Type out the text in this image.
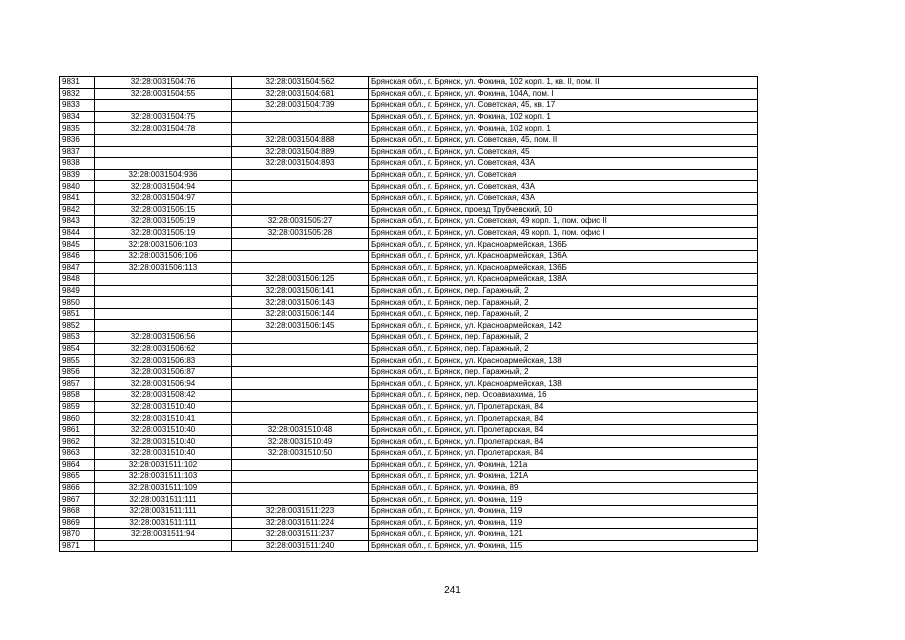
9831	32:28:0031504:76	32:28:0031504:562	Брянская обл., г. Брянск, ул. Фокина, 102 корп. 1, кв. II, пом. II
9832	32:28:0031504:55	32:28:0031504:681	Брянская обл., г. Брянск, ул. Фокина, 104А, пом. I
9833		32:28:0031504:739	Брянская обл., г. Брянск, ул. Советская, 45, кв. 17
9834	32:28:0031504:75		Брянская обл., г. Брянск, ул. Фокина, 102 корп. 1
9835	32:28:0031504:78		Брянская обл., г. Брянск, ул. Фокина, 102 корп. 1
9836		32:28:0031504:888	Брянская обл., г. Брянск, ул. Советская, 45, пом. II
9837		32:28:0031504:889	Брянская обл., г. Брянск, ул. Советская, 45
9838		32:28:0031504:893	Брянская обл., г. Брянск, ул. Советская, 43А
9839	32:28:0031504:936		Брянская обл., г. Брянск, ул. Советская
9840	32:28:0031504:94		Брянская обл., г. Брянск, ул. Советская, 43А
9841	32:28:0031504:97		Брянская обл., г. Брянск, ул. Советская, 43А
9842	32:28:0031505:15		Брянская обл., г. Брянск, проезд Трубчевский, 10
9843	32:28:0031505:19	32:28:0031505:27	Брянская обл., г. Брянск, ул. Советская, 49 корп. 1, пом. офис II
9844	32:28:0031505:19	32:28:0031505:28	Брянская обл., г. Брянск, ул. Советская, 49 корп. 1, пом. офис I
9845	32:28:0031506:103		Брянская обл., г. Брянск, ул. Красноармейская, 136Б
9846	32:28:0031506:106		Брянская обл., г. Брянск, ул. Красноармейская, 136А
9847	32:28:0031506:113		Брянская обл., г. Брянск, ул. Красноармейская, 136Б
9848		32:28:0031506:125	Брянская обл., г. Брянск, ул. Красноармейская, 138А
9849		32:28:0031506:141	Брянская обл., г. Брянск, пер. Гаражный, 2
9850		32:28:0031506:143	Брянская обл., г. Брянск, пер. Гаражный, 2
9851		32:28:0031506:144	Брянская обл., г. Брянск, пер. Гаражный, 2
9852		32:28:0031506:145	Брянская обл., г. Брянск, ул. Красноармейская, 142
9853	32:28:0031506:56		Брянская обл., г. Брянск, пер. Гаражный, 2
9854	32:28:0031506:62		Брянская обл., г. Брянск, пер. Гаражный, 2
9855	32:28:0031506:83		Брянская обл., г. Брянск, ул. Красноармейская, 138
9856	32:28:0031506:87		Брянская обл., г. Брянск, пер. Гаражный, 2
9857	32:28:0031506:94		Брянская обл., г. Брянск, ул. Красноармейская, 138
9858	32:28:0031508:42		Брянская обл., г. Брянск, пер. Осоавиахима, 16
9859	32:28:0031510:40		Брянская обл., г. Брянск, ул. Пролетарская, 84
9860	32:28:0031510:41		Брянская обл., г. Брянск, ул. Пролетарская, 84
9861	32:28:0031510:40	32:28:0031510:48	Брянская обл., г. Брянск, ул. Пролетарская, 84
9862	32:28:0031510:40	32:28:0031510:49	Брянская обл., г. Брянск, ул. Пролетарская, 84
9863	32:28:0031510:40	32:28:0031510:50	Брянская обл., г. Брянск, ул. Пролетарская, 84
9864	32:28:0031511:102		Брянская обл., г. Брянск, ул. Фокина, 121а
9865	32:28:0031511:103		Брянская обл., г. Брянск, ул. Фокина, 121А
9866	32:28:0031511:109		Брянская обл., г. Брянск, ул. Фокина, 89
9867	32:28:0031511:111		Брянская обл., г. Брянск, ул. Фокина, 119
9868	32:28:0031511:111	32:28:0031511:223	Брянская обл., г. Брянск, ул. Фокина, 119
9869	32:28:0031511:111	32:28:0031511:224	Брянская обл., г. Брянск, ул. Фокина, 119
9870	32:28:0031511:94	32:28:0031511:237	Брянская обл., г. Брянск, ул. Фокина, 121
9871		32:28:0031511:240	Брянская обл., г. Брянск, ул. Фокина, 115
241
